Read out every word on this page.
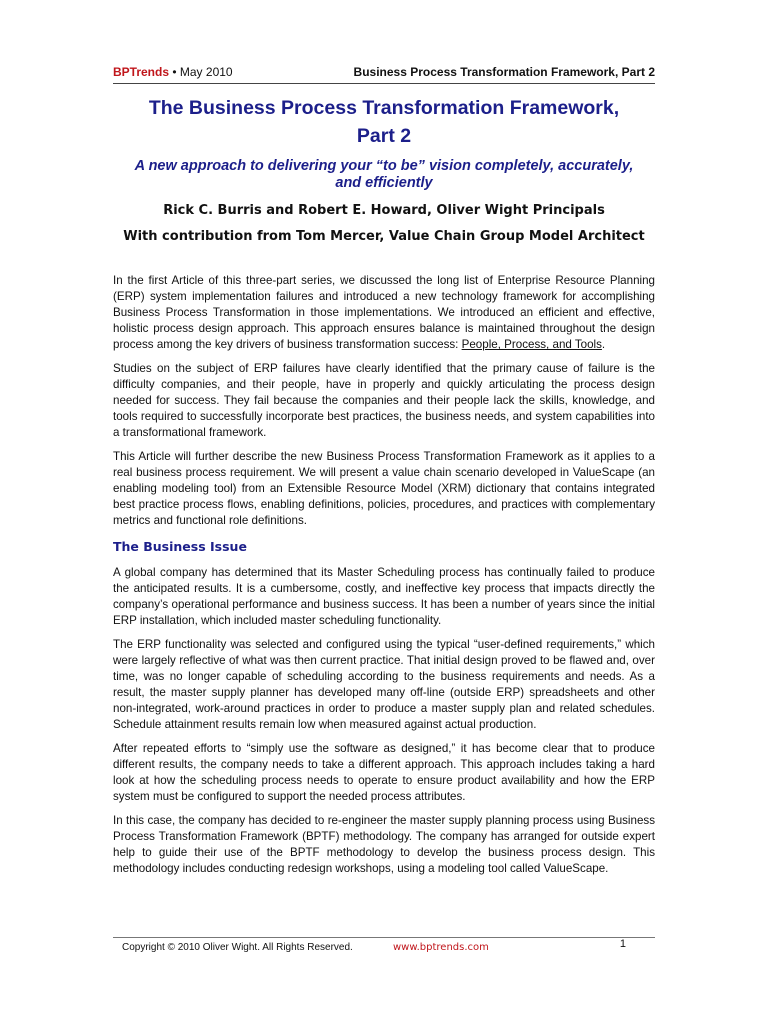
BPTrends • May 2010	Business Process Transformation Framework, Part 2
The Business Process Transformation Framework,
Part 2
A new approach to delivering your “to be” vision completely, accurately,
and efficiently
Rick C. Burris and Robert E. Howard, Oliver Wight Principals
With contribution from Tom Mercer, Value Chain Group Model Architect

In the first Article of this three-part series, we discussed the long list of Enterprise Resource Planning (ERP) system implementation failures and introduced a new technology framework for accomplishing Business Process Transformation in those implementations. We introduced an efficient and effective, holistic process design approach. This approach ensures balance is maintained throughout the design process among the key drivers of business transformation success: People, Process, and Tools.

Studies on the subject of ERP failures have clearly identified that the primary cause of failure is the difficulty companies, and their people, have in properly and quickly articulating the process design needed for success. They fail because the companies and their people lack the skills, knowledge, and tools required to successfully incorporate best practices, the business needs, and system capabilities into a transformational framework.

This Article will further describe the new Business Process Transformation Framework as it applies to a real business process requirement. We will present a value chain scenario developed in ValueScape (an enabling modeling tool) from an Extensible Resource Model (XRM) dictionary that contains integrated best practice process flows, enabling definitions, policies, procedures, and practices with complementary metrics and functional role definitions.

The Business Issue

A global company has determined that its Master Scheduling process has continually failed to produce the anticipated results. It is a cumbersome, costly, and ineffective key process that impacts directly the company’s operational performance and business success. It has been a number of years since the initial ERP installation, which included master scheduling functionality.

The ERP functionality was selected and configured using the typical “user-defined requirements,” which were largely reflective of what was then current practice. That initial design proved to be flawed and, over time, was no longer capable of scheduling according to the business requirements and needs. As a result, the master supply planner has developed many off-line (outside ERP) spreadsheets and other non-integrated, work-around practices in order to produce a master supply plan and related schedules. Schedule attainment results remain low when measured against actual production.

After repeated efforts to “simply use the software as designed,” it has become clear that to produce different results, the company needs to take a different approach. This approach includes taking a hard look at how the scheduling process needs to operate to ensure product availability and how the ERP system must be configured to support the needed process attributes.

In this case, the company has decided to re-engineer the master supply planning process using Business Process Transformation Framework (BPTF) methodology. The company has arranged for outside expert help to guide their use of the BPTF methodology to develop the business process design. This methodology includes conducting redesign workshops, using a modeling tool called ValueScape.

Copyright © 2010 Oliver Wight. All Rights Reserved.	www.bptrends.com	1
